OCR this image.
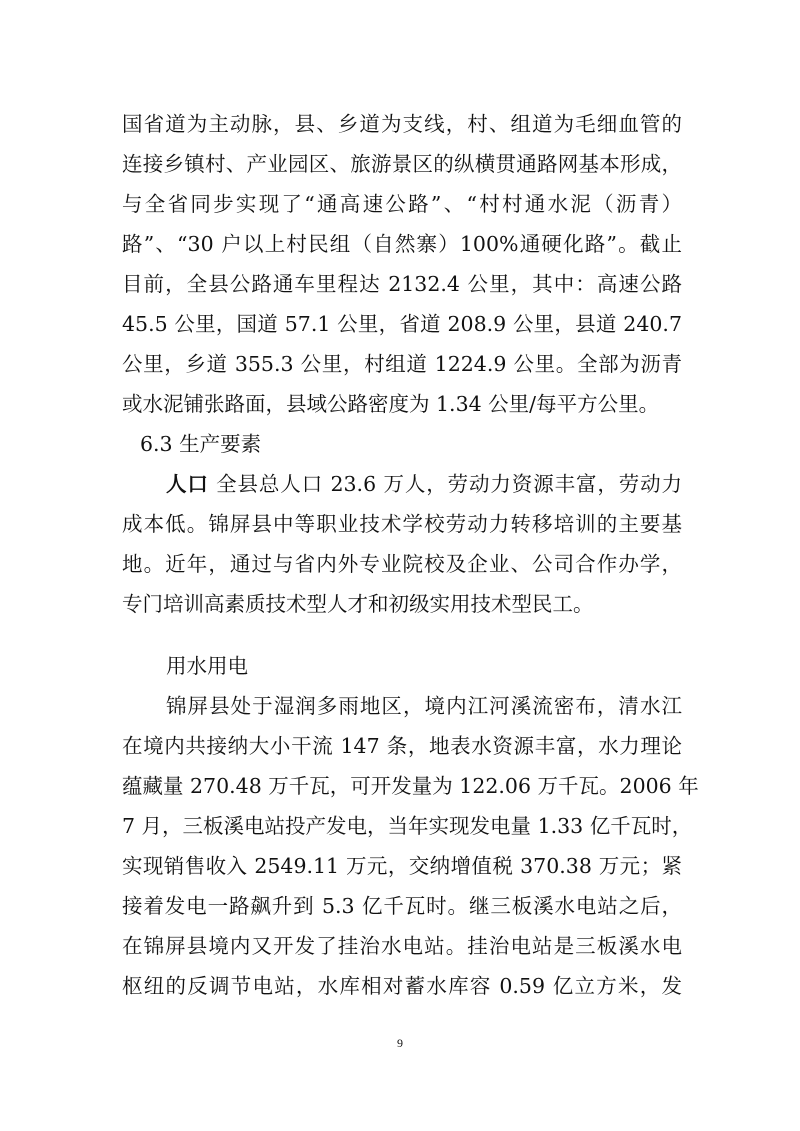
国省道为主动脉，县、乡道为支线，村、组道为毛细血管的
连接乡镇村、产业园区、旅游景区的纵横贯通路网基本形成，
与全省同步实现了“通高速公路”、“村村通水泥（沥青）
路”、“30 户以上村民组（自然寨）100%通硬化路”。截止
目前，全县公路通车里程达 2132.4 公里，其中：高速公路
45.5 公里，国道 57.1 公里，省道 208.9 公里，县道 240.7
公里，乡道 355.3 公里，村组道 1224.9 公里。全部为沥青
或水泥铺张路面，县域公路密度为 1.34 公里/每平方公里。
6.3 生产要素
人口 全县总人口 23.6 万人，劳动力资源丰富，劳动力
成本低。锦屏县中等职业技术学校劳动力转移培训的主要基
地。近年，通过与省内外专业院校及企业、公司合作办学，
专门培训高素质技术型人才和初级实用技术型民工。
用水用电
锦屏县处于湿润多雨地区，境内江河溪流密布，清水江
在境内共接纳大小干流 147 条，地表水资源丰富，水力理论
蕴藏量 270.48 万千瓦，可开发量为 122.06 万千瓦。2006 年
7 月，三板溪电站投产发电，当年实现发电量 1.33 亿千瓦时，
实现销售收入 2549.11 万元，交纳增值税 370.38 万元；紧
接着发电一路飙升到 5.3 亿千瓦时。继三板溪水电站之后，
在锦屏县境内又开发了挂治水电站。挂治电站是三板溪水电
枢纽的反调节电站，水库相对蓄水库容 0.59 亿立方米，发
9
